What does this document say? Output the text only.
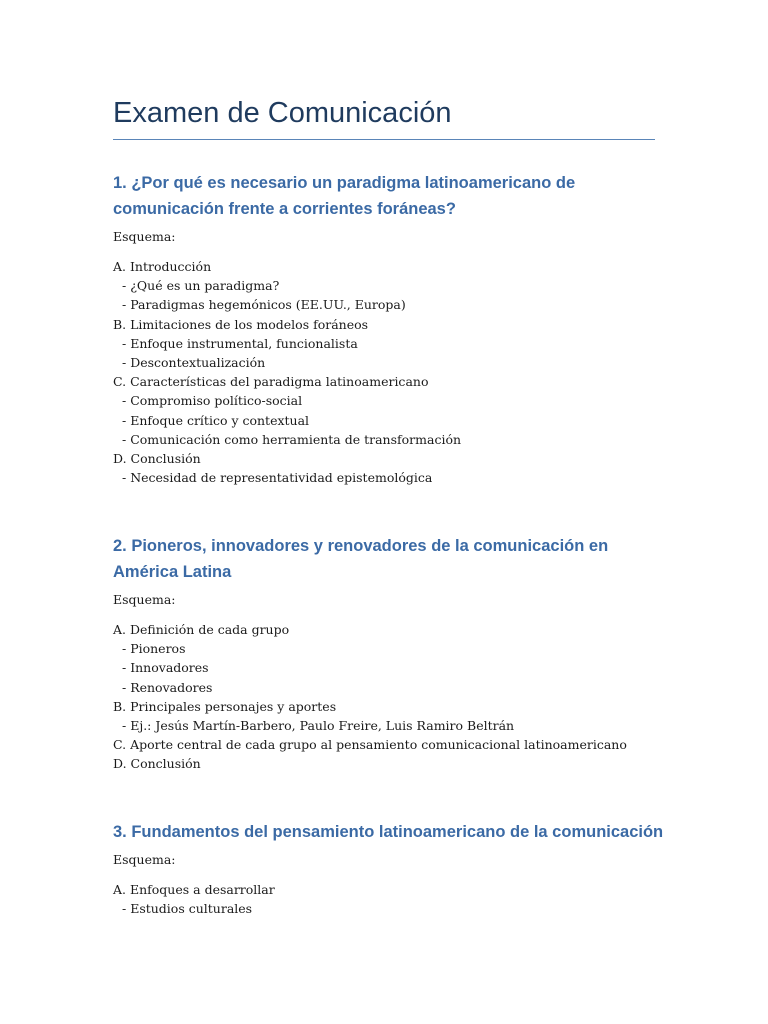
Examen de Comunicación
1. ¿Por qué es necesario un paradigma latinoamericano de comunicación frente a corrientes foráneas?
Esquema:
A. Introducción
- ¿Qué es un paradigma?
- Paradigmas hegemónicos (EE.UU., Europa)
B. Limitaciones de los modelos foráneos
- Enfoque instrumental, funcionalista
- Descontextualización
C. Características del paradigma latinoamericano
- Compromiso político-social
- Enfoque crítico y contextual
- Comunicación como herramienta de transformación
D. Conclusión
- Necesidad de representatividad epistemológica
2. Pioneros, innovadores y renovadores de la comunicación en América Latina
Esquema:
A. Definición de cada grupo
- Pioneros
- Innovadores
- Renovadores
B. Principales personajes y aportes
- Ej.: Jesús Martín-Barbero, Paulo Freire, Luis Ramiro Beltrán
C. Aporte central de cada grupo al pensamiento comunicacional latinoamericano
D. Conclusión
3. Fundamentos del pensamiento latinoamericano de la comunicación
Esquema:
A. Enfoques a desarrollar
- Estudios culturales
